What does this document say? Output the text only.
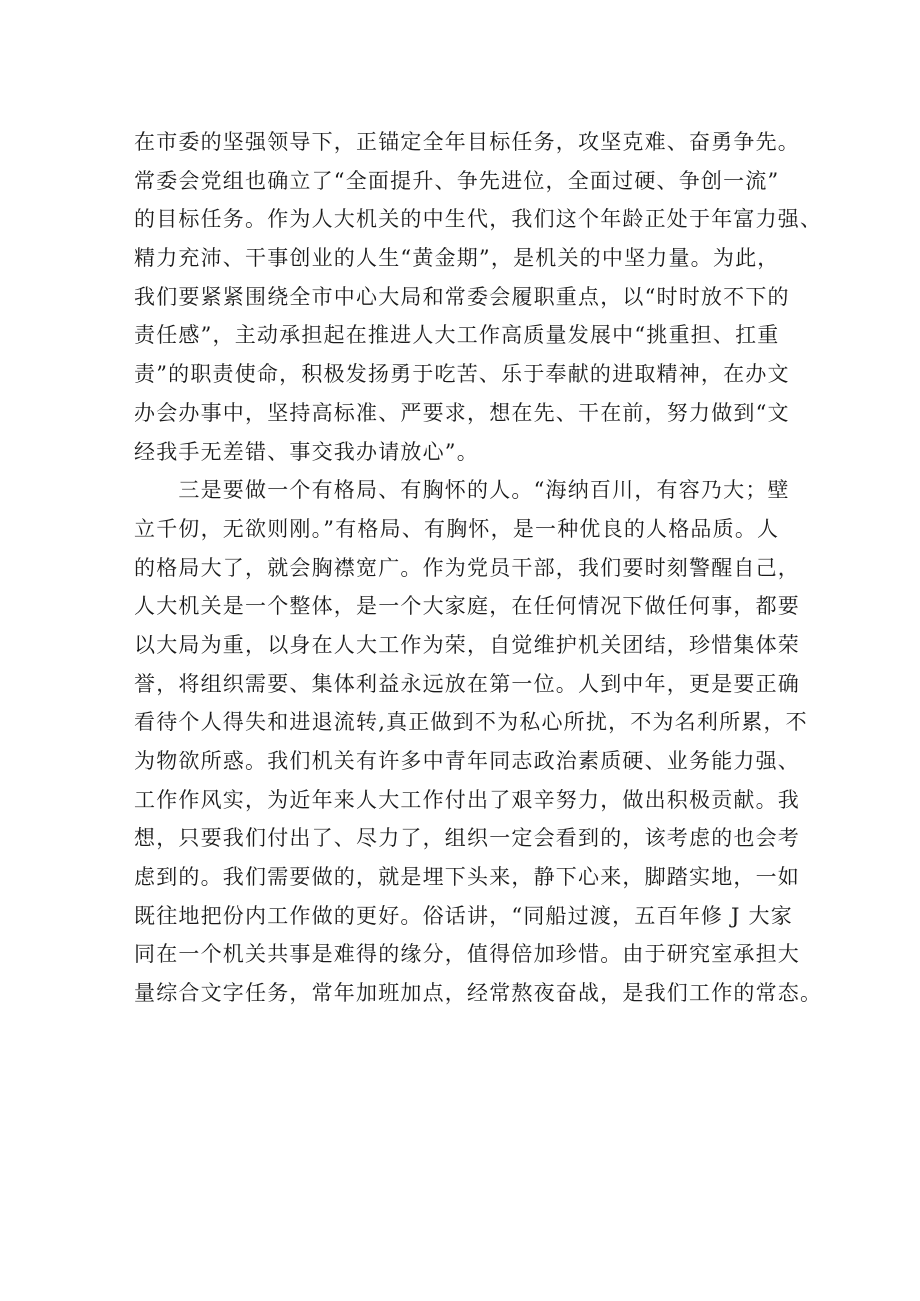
在市委的坚强领导下，正锚定全年目标任务，攻坚克难、奋勇争先。
常委会党组也确立了“全面提升、争先进位，全面过硬、争创一流”
的目标任务。作为人大机关的中生代，我们这个年龄正处于年富力强、
精力充沛、干事创业的人生“黄金期”，是机关的中坚力量。为此，
我们要紧紧围绕全市中心大局和常委会履职重点，以“时时放不下的
责任感”，主动承担起在推进人大工作高质量发展中“挑重担、扛重
责”的职责使命，积极发扬勇于吃苦、乐于奉献的进取精神，在办文
办会办事中，坚持高标准、严要求，想在先、干在前，努力做到“文
经我手无差错、事交我办请放心”。
　　三是要做一个有格局、有胸怀的人。“海纳百川，有容乃大；壁
立千仞，无欲则刚。”有格局、有胸怀，是一种优良的人格品质。人
的格局大了，就会胸襟宽广。作为党员干部，我们要时刻警醒自己，
人大机关是一个整体，是一个大家庭，在任何情况下做任何事，都要
以大局为重，以身在人大工作为荣，自觉维护机关团结，珍惜集体荣
誉，将组织需要、集体利益永远放在第一位。人到中年，更是要正确
看待个人得失和进退流转,真正做到不为私心所扰，不为名利所累，不
为物欲所惑。我们机关有许多中青年同志政治素质硬、业务能力强、
工作作风实，为近年来人大工作付出了艰辛努力，做出积极贡献。我
想，只要我们付出了、尽力了，组织一定会看到的，该考虑的也会考
虑到的。我们需要做的，就是埋下头来，静下心来，脚踏实地，一如
既往地把份内工作做的更好。俗话讲，“同船过渡，五百年修 J 大家
同在一个机关共事是难得的缘分，值得倍加珍惜。由于研究室承担大
量综合文字任务，常年加班加点，经常熬夜奋战，是我们工作的常态。
